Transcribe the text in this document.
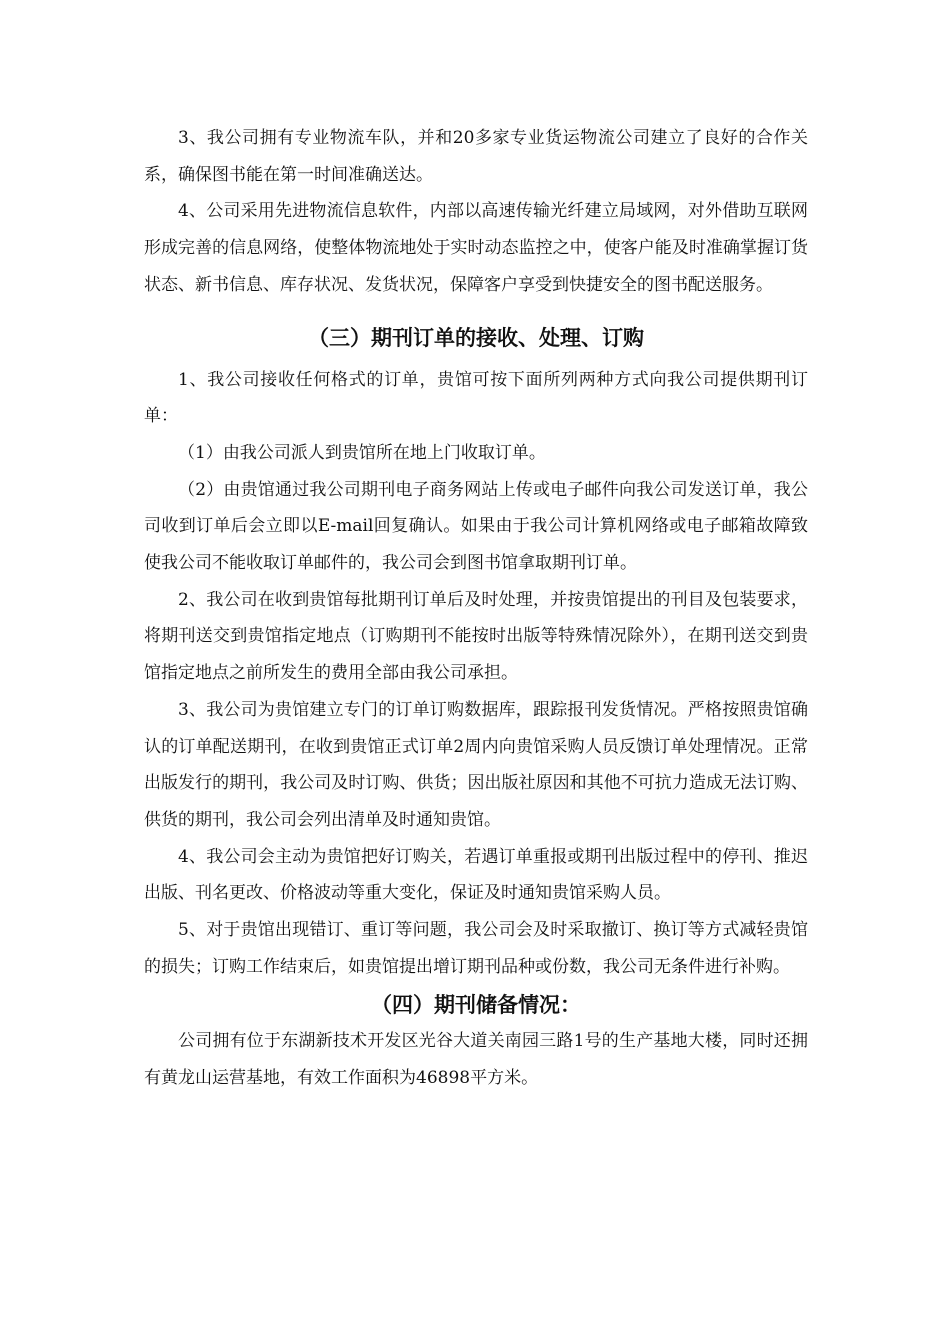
3、我公司拥有专业物流车队，并和20多家专业货运物流公司建立了良好的合作关系，确保图书能在第一时间准确送达。

4、公司采用先进物流信息软件，内部以高速传输光纤建立局域网，对外借助互联网形成完善的信息网络，使整体物流地处于实时动态监控之中，使客户能及时准确掌握订货状态、新书信息、库存状况、发货状况，保障客户享受到快捷安全的图书配送服务。

（三）期刊订单的接收、处理、订购

1、我公司接收任何格式的订单，贵馆可按下面所列两种方式向我公司提供期刊订单：

（1）由我公司派人到贵馆所在地上门收取订单。

（2）由贵馆通过我公司期刊电子商务网站上传或电子邮件向我公司发送订单，我公司收到订单后会立即以E-mail回复确认。如果由于我公司计算机网络或电子邮箱故障致使我公司不能收取订单邮件的，我公司会到图书馆拿取期刊订单。

2、我公司在收到贵馆每批期刊订单后及时处理，并按贵馆提出的刊目及包装要求，将期刊送交到贵馆指定地点（订购期刊不能按时出版等特殊情况除外），在期刊送交到贵馆指定地点之前所发生的费用全部由我公司承担。

3、我公司为贵馆建立专门的订单订购数据库，跟踪报刊发货情况。严格按照贵馆确认的订单配送期刊，在收到贵馆正式订单2周内向贵馆采购人员反馈订单处理情况。正常出版发行的期刊，我公司及时订购、供货；因出版社原因和其他不可抗力造成无法订购、供货的期刊，我公司会列出清单及时通知贵馆。

4、我公司会主动为贵馆把好订购关，若遇订单重报或期刊出版过程中的停刊、推迟出版、刊名更改、价格波动等重大变化，保证及时通知贵馆采购人员。

5、对于贵馆出现错订、重订等问题，我公司会及时采取撤订、换订等方式减轻贵馆的损失；订购工作结束后，如贵馆提出增订期刊品种或份数，我公司无条件进行补购。

（四）期刊储备情况：

公司拥有位于东湖新技术开发区光谷大道关南园三路1号的生产基地大楼，同时还拥有黄龙山运营基地，有效工作面积为46898平方米。
